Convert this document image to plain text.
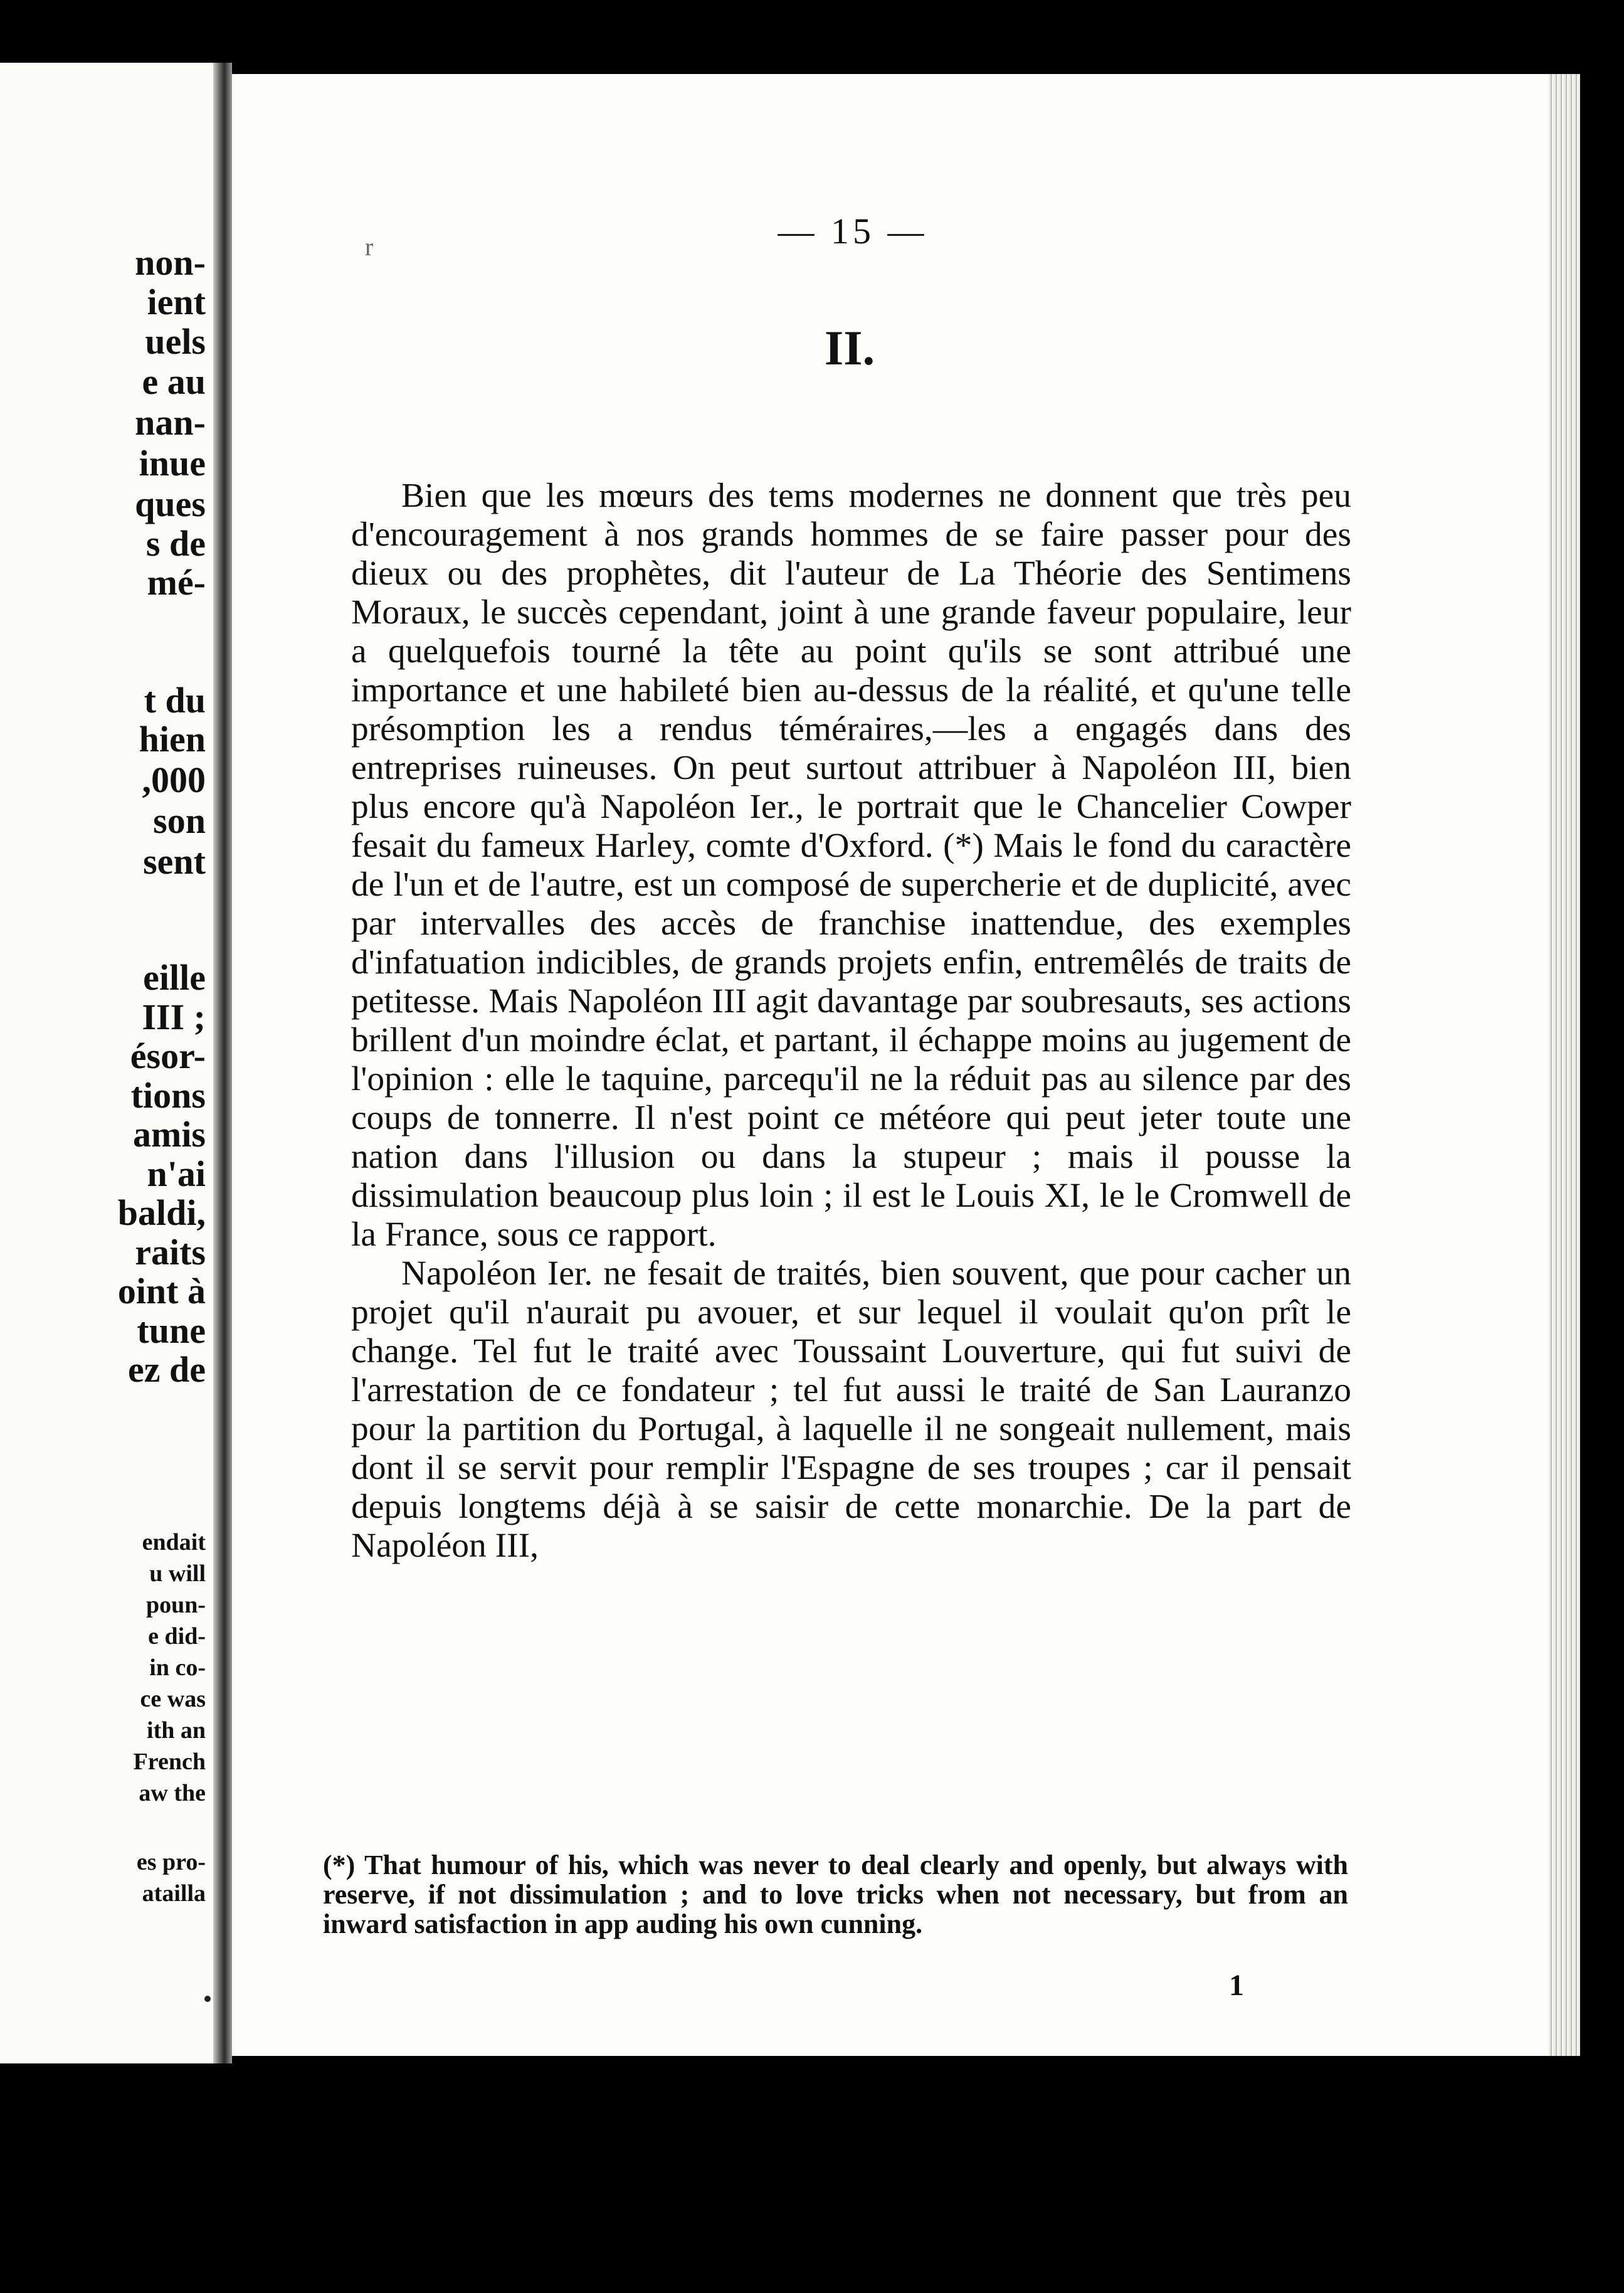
non-
ient
uels
e au
nan-
inue
ques
s de
mé-
t du
hien
,000
son
sent
eille
III ;
ésor-
tions
amis
n'ai
baldi,
raits
oint à
tune
ez de
endait
u will
poun-
e did-
in co-
ce was
ith an
French
aw the
es pro-
atailla
r	— 15 —
II.

Bien que les mœurs des tems modernes ne donnent que très peu d'encouragement à nos grands hommes de se faire passer pour des dieux ou des prophètes, dit l'auteur de La Théorie des Sentimens Moraux, le succès cependant, joint à une grande faveur populaire, leur a quelquefois tourné la tête au point qu'ils se sont attribué une importance et une habileté bien au-dessus de la réalité, et qu'une telle présomption les a rendus téméraires,—les a engagés dans des entreprises ruineuses. On peut surtout attribuer à Napoléon III, bien plus encore qu'à Napoléon Ier., le portrait que le Chancelier Cowper fesait du fameux Harley, comte d'Oxford. (*) Mais le fond du caractère de l'un et de l'autre, est un composé de supercherie et de duplicité, avec par intervalles des accès de franchise inattendue, des exemples d'infatuation indicibles, de grands projets enfin, entremêlés de traits de petitesse. Mais Napoléon III agit davantage par soubresauts, ses actions brillent d'un moindre éclat, et partant, il échappe moins au jugement de l'opinion : elle le taquine, parcequ'il ne la réduit pas au silence par des coups de tonnerre. Il n'est point ce météore qui peut jeter toute une nation dans l'illusion ou dans la stupeur ; mais il pousse la dissimulation beaucoup plus loin ; il est le Louis XI, le le Cromwell de la France, sous ce rapport.

Napoléon Ier. ne fesait de traités, bien souvent, que pour cacher un projet qu'il n'aurait pu avouer, et sur lequel il voulait qu'on prît le change. Tel fut le traité avec Toussaint Louverture, qui fut suivi de l'arrestation de ce fondateur ; tel fut aussi le traité de San Lauranzo pour la partition du Portugal, à laquelle il ne songeait nullement, mais dont il se servit pour remplir l'Espagne de ses troupes ; car il pensait depuis longtems déjà à se saisir de cette monarchie. De la part de Napoléon III,

(*) That humour of his, which was never to deal clearly and openly, but always with reserve, if not dissimulation ; and to love tricks when not necessary, but from an inward satisfaction in app auding his own cunning.
1
